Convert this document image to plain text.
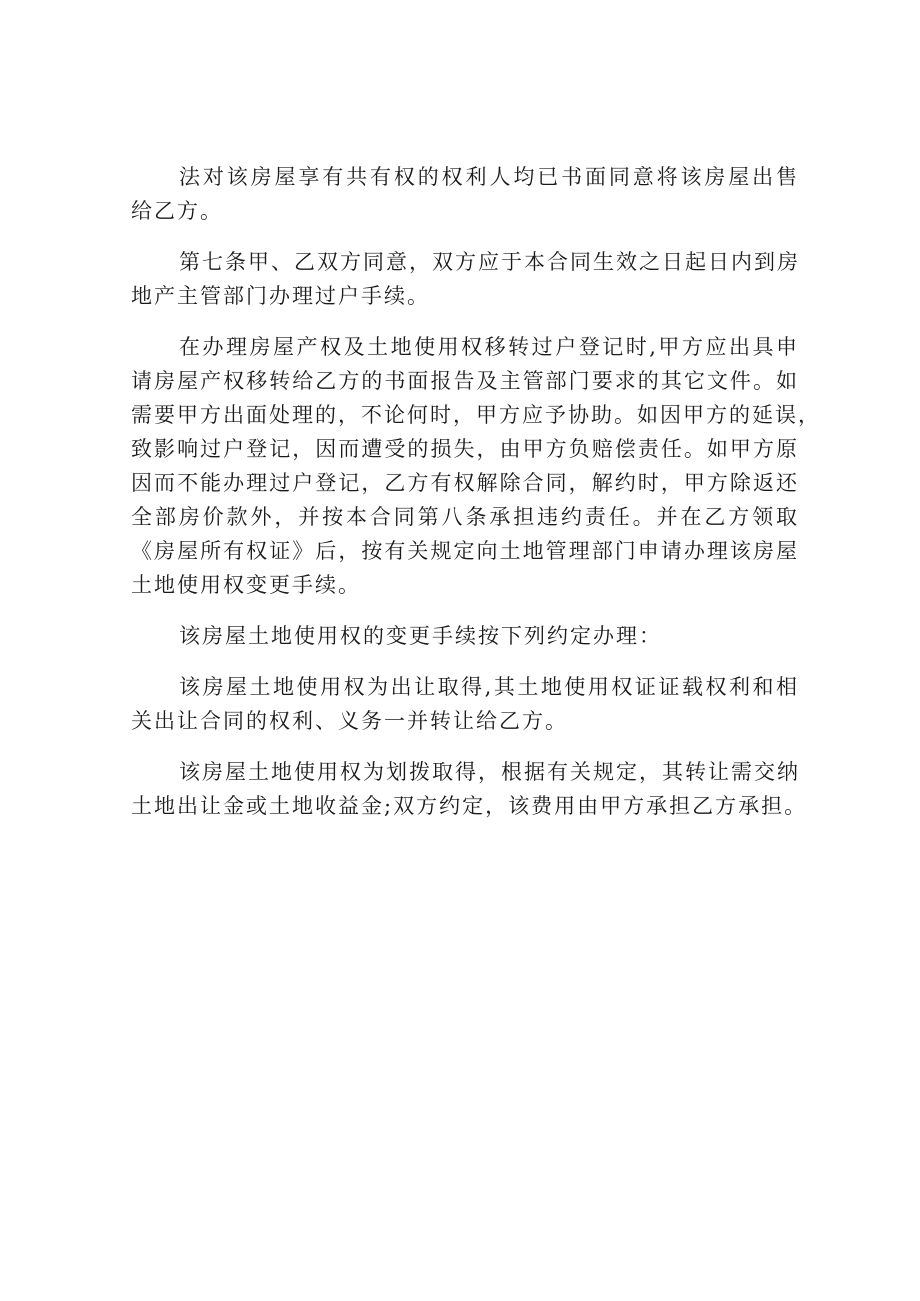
法对该房屋享有共有权的权利人均已书面同意将该房屋出售
给乙方。

第七条甲、乙双方同意，双方应于本合同生效之日起日内到房
地产主管部门办理过户手续。

在办理房屋产权及土地使用权移转过户登记时,甲方应出具申
请房屋产权移转给乙方的书面报告及主管部门要求的其它文件。如
需要甲方出面处理的，不论何时，甲方应予协助。如因甲方的延误，
致影响过户登记，因而遭受的损失，由甲方负赔偿责任。如甲方原
因而不能办理过户登记，乙方有权解除合同，解约时，甲方除返还
全部房价款外，并按本合同第八条承担违约责任。并在乙方领取
《房屋所有权证》后，按有关规定向土地管理部门申请办理该房屋
土地使用权变更手续。

该房屋土地使用权的变更手续按下列约定办理：

该房屋土地使用权为出让取得,其土地使用权证证载权利和相
关出让合同的权利、义务一并转让给乙方。

该房屋土地使用权为划拨取得，根据有关规定，其转让需交纳
土地出让金或土地收益金;双方约定，该费用由甲方承担乙方承担。
